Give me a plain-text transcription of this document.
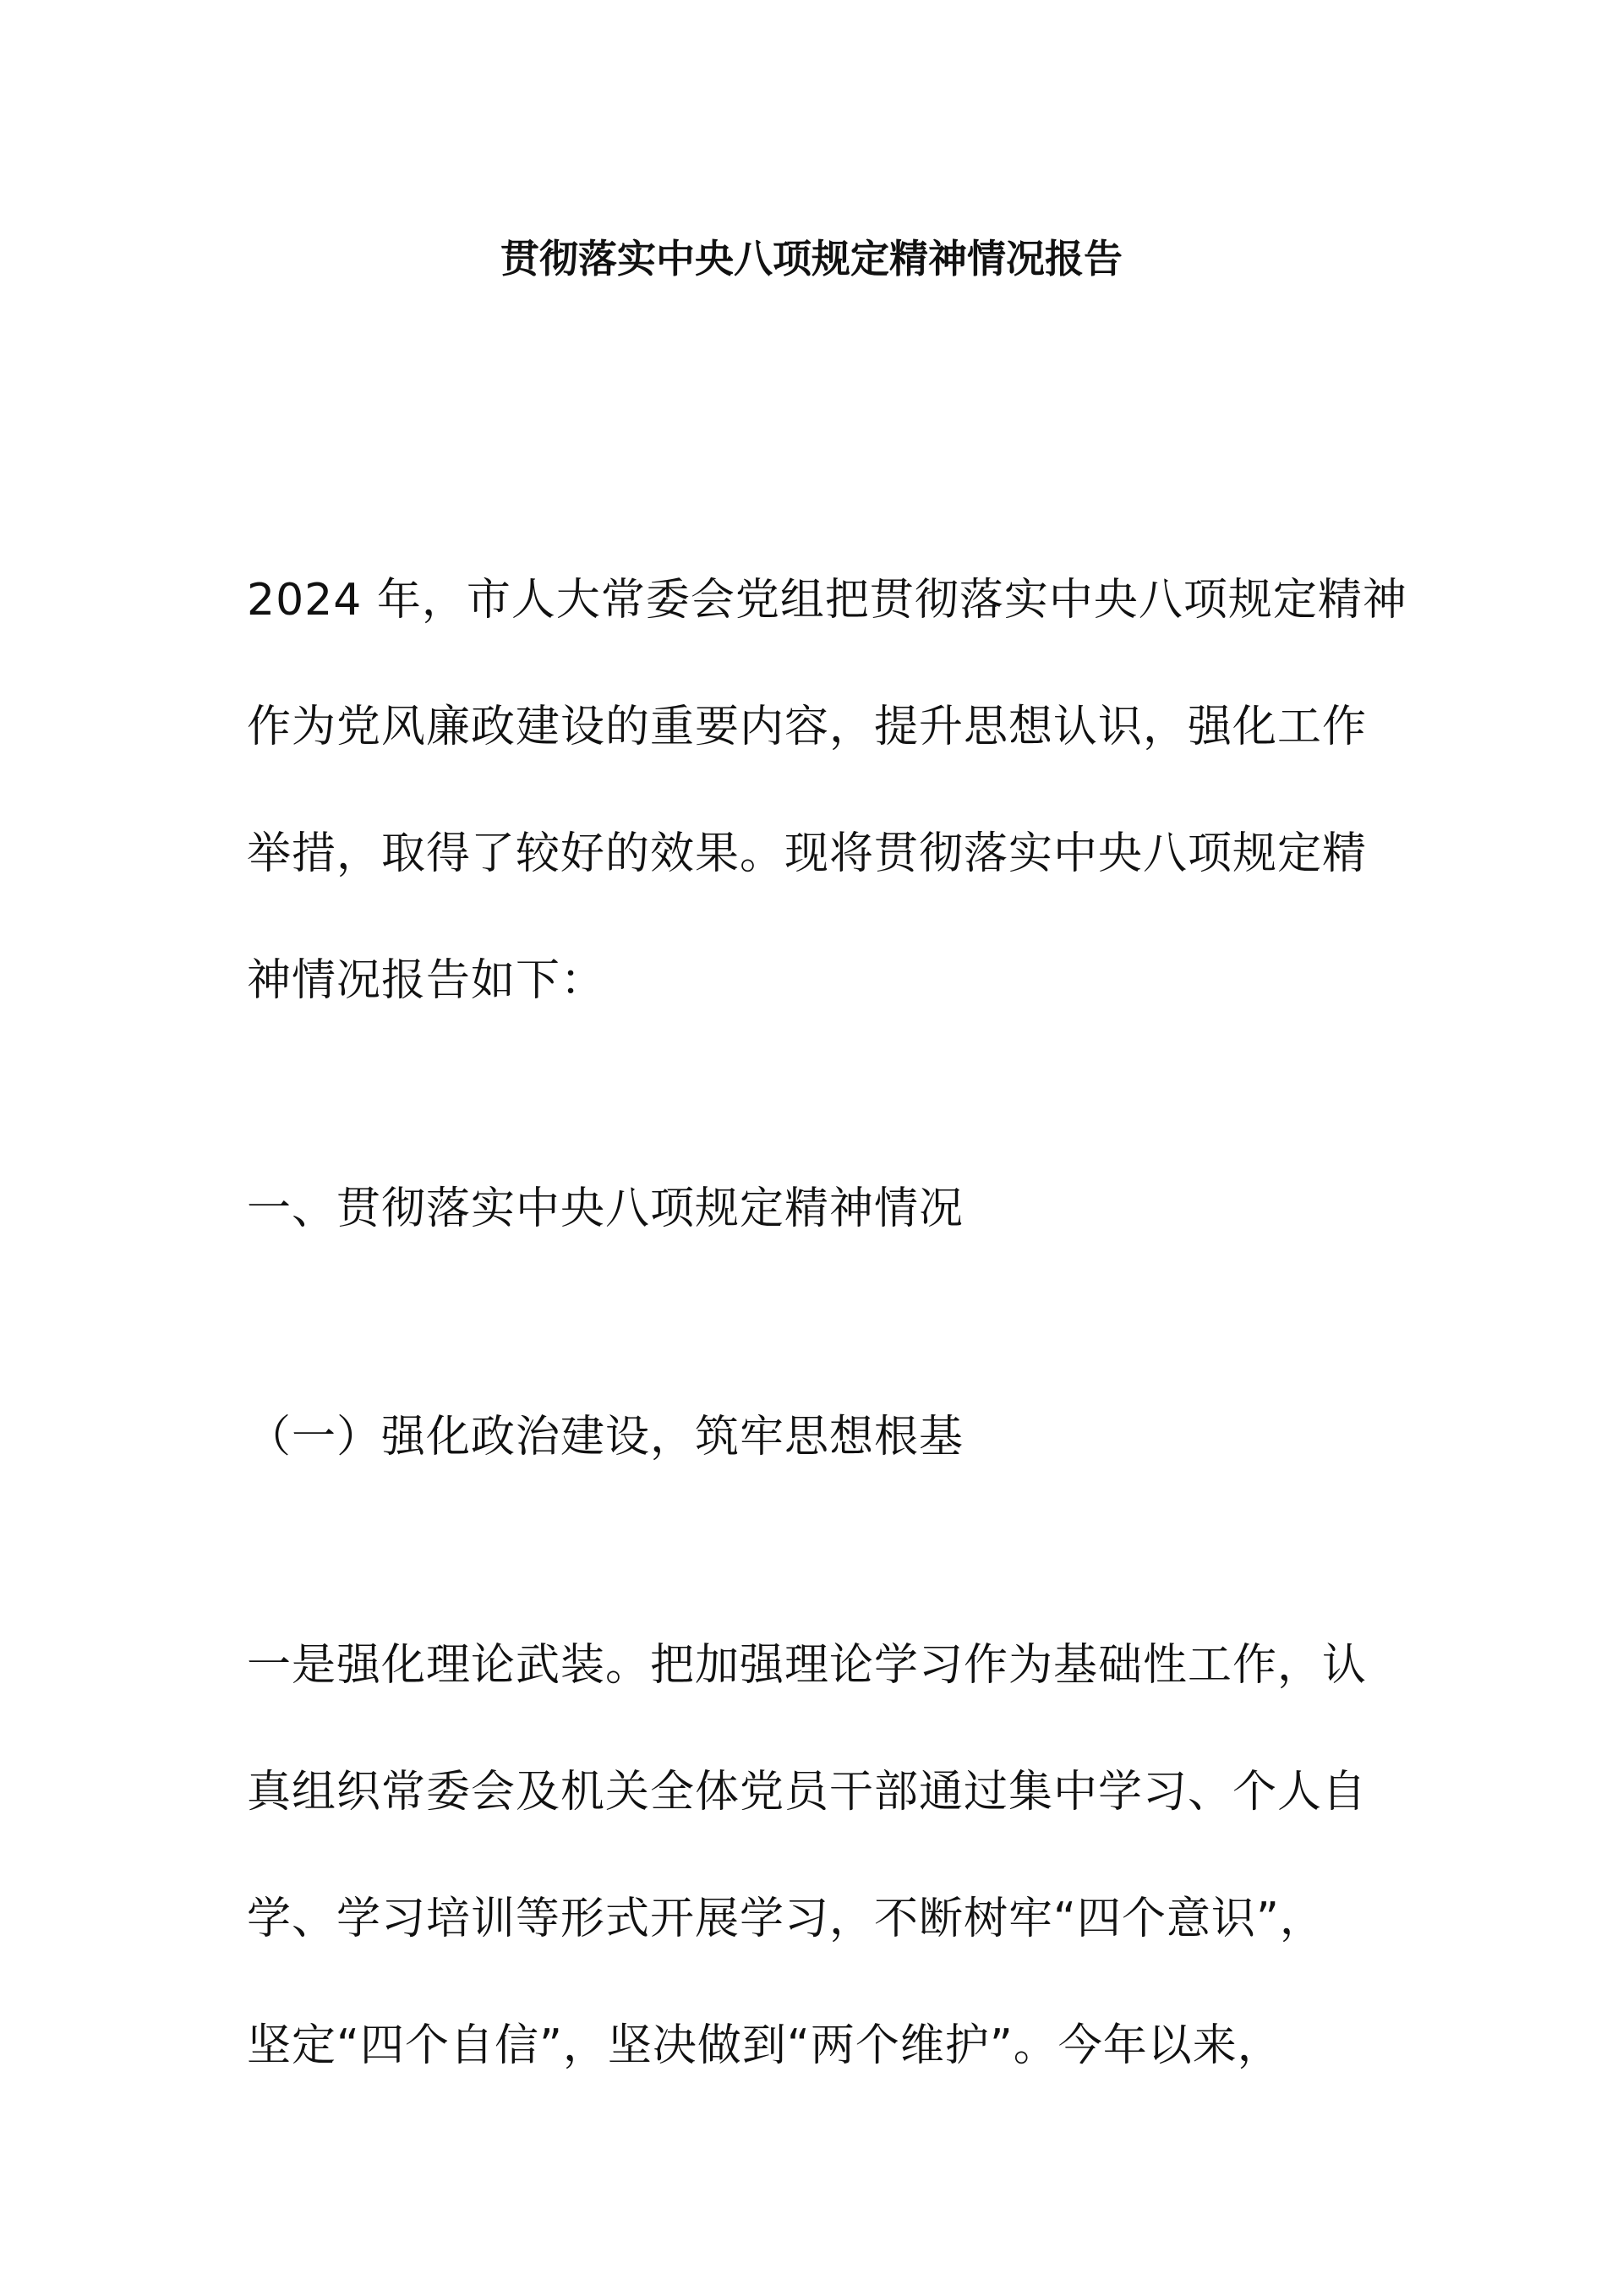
贯彻落实中央八项规定精神情况报告
2024 年，市人大常委会党组把贯彻落实中央八项规定精神
作为党风廉政建设的重要内容，提升思想认识，强化工作
举措，取得了较好的效果。现将贯彻落实中央八项规定精
神情况报告如下：
一、贯彻落实中央八项规定精神情况
（一）强化政治建设，筑牢思想根基
一是强化理论武装。把加强理论学习作为基础性工作，认
真组织常委会及机关全体党员干部通过集中学习、个人自
学、学习培训等形式开展学习，不断树牢“四个意识”，
坚定“四个自信”，坚决做到“两个维护”。今年以来，
